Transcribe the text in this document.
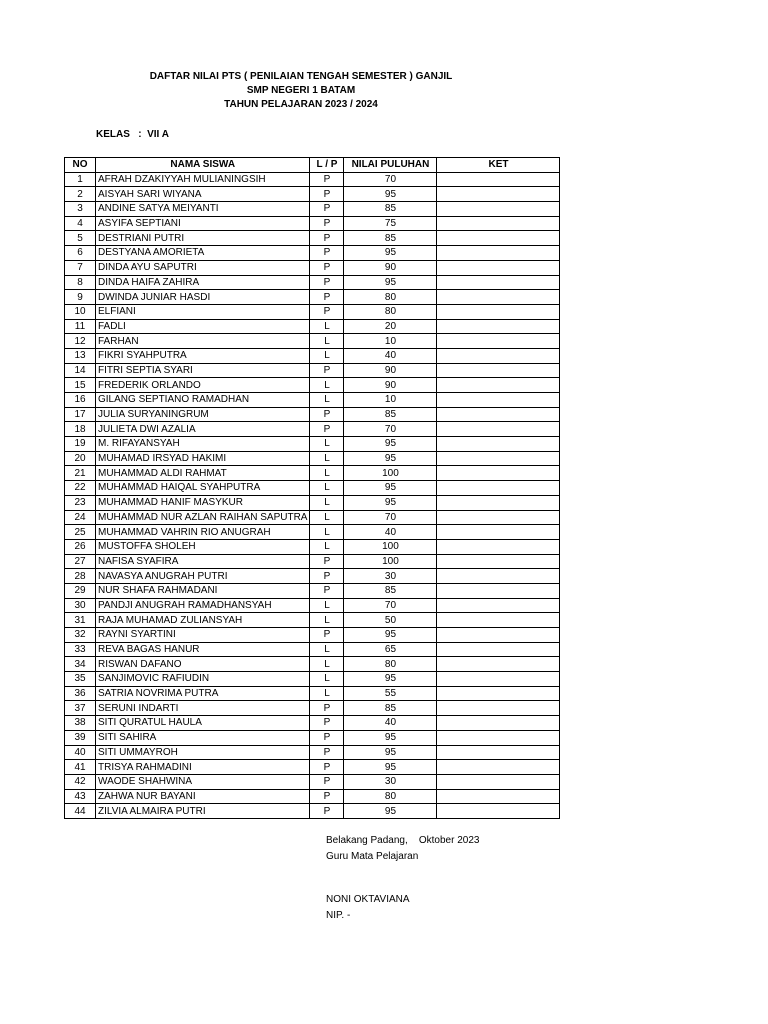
DAFTAR NILAI PTS ( PENILAIAN TENGAH SEMESTER ) GANJIL
SMP NEGERI 1 BATAM
TAHUN PELAJARAN 2023 / 2024
KELAS   :  VII A
NO	NAMA SISWA	L / P	NILAI PULUHAN	KET
1	AFRAH DZAKIYYAH MULIANINGSIH	P	70	
2	AISYAH SARI WIYANA	P	95	
3	ANDINE SATYA MEIYANTI	P	85	
4	ASYIFA SEPTIANI	P	75	
5	DESTRIANI PUTRI	P	85	
6	DESTYANA AMORIETA	P	95	
7	DINDA AYU SAPUTRI	P	90	
8	DINDA HAIFA ZAHIRA	P	95	
9	DWINDA JUNIAR HASDI	P	80	
10	ELFIANI	P	80	
11	FADLI	L	20	
12	FARHAN	L	10	
13	FIKRI SYAHPUTRA	L	40	
14	FITRI SEPTIA SYARI	P	90	
15	FREDERIK ORLANDO	L	90	
16	GILANG SEPTIANO RAMADHAN	L	10	
17	JULIA SURYANINGRUM	P	85	
18	JULIETA DWI AZALIA	P	70	
19	M. RIFAYANSYAH	L	95	
20	MUHAMAD IRSYAD HAKIMI	L	95	
21	MUHAMMAD ALDI RAHMAT	L	100	
22	MUHAMMAD HAIQAL SYAHPUTRA	L	95	
23	MUHAMMAD HANIF MASYKUR	L	95	
24	MUHAMMAD NUR AZLAN RAIHAN SAPUTRA	L	70	
25	MUHAMMAD VAHRIN RIO ANUGRAH	L	40	
26	MUSTOFFA SHOLEH	L	100	
27	NAFISA SYAFIRA	P	100	
28	NAVASYA ANUGRAH PUTRI	P	30	
29	NUR SHAFA RAHMADANI	P	85	
30	PANDJI ANUGRAH RAMADHANSYAH	L	70	
31	RAJA MUHAMAD ZULIANSYAH	L	50	
32	RAYNI SYARTINI	P	95	
33	REVA BAGAS HANUR	L	65	
34	RISWAN DAFANO	L	80	
35	SANJIMOVIC RAFIUDIN	L	95	
36	SATRIA NOVRIMA PUTRA	L	55	
37	SERUNI INDARTI	P	85	
38	SITI QURATUL HAULA	P	40	
39	SITI SAHIRA	P	95	
40	SITI UMMAYROH	P	95	
41	TRISYA RAHMADINI	P	95	
42	WAODE SHAHWINA	P	30	
43	ZAHWA NUR BAYANI	P	80	
44	ZILVIA ALMAIRA PUTRI	P	95	
Belakang Padang,    Oktober 2023
Guru Mata Pelajaran
NONI OKTAVIANA
NIP. -
